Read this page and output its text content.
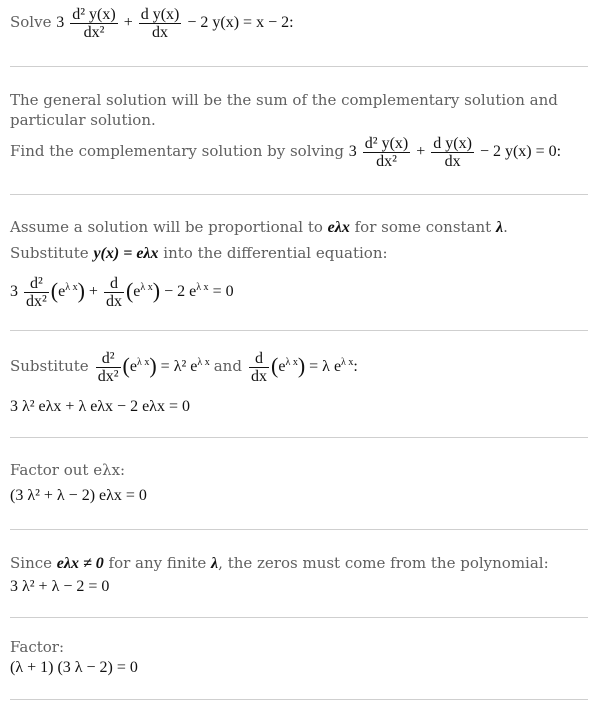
Solve $3 \frac{\text{d² y(x)}}{\text{dx²}} + \frac{\text{d y(x)}}{dx} - 2$ y(x) = x − 2:
The general solution will be the sum of the complementary solution and particular solution.
Find the complementary solution by solving $3 \frac{\text{d² y(x)}}{\text{dx²}} + \frac{\text{d y(x)}}{dx} - 2$ y(x) = 0:
Assume a solution will be proportional to eλx for some constant λ.
Substitute y(x) = eλx into the differential equation:
$3 \frac{\text{d²}}{\text{dx²}} (e^{\lambda x}) + \frac{d}{dx} (e^{\lambda x}) - 2$ $e^{\lambda x} = 0$
Substitute $\frac{\text{d²}}{\text{dx²}} (e^{\lambda x}) = \lambda^2$ $e^{\lambda x}$ and $\frac{d}{dx} (e^{\lambda x}) = \lambda$ $e^{\lambda x}$:
3 λ² eλx + λ eλx − 2 eλx = 0
Factor out eλx:
(3 λ² + λ − 2) eλx = 0
Since eλx ≠ 0 for any finite λ, the zeros must come from the polynomial:
3 λ² + λ − 2 = 0
Factor:
(λ + 1) (3 λ − 2) = 0
